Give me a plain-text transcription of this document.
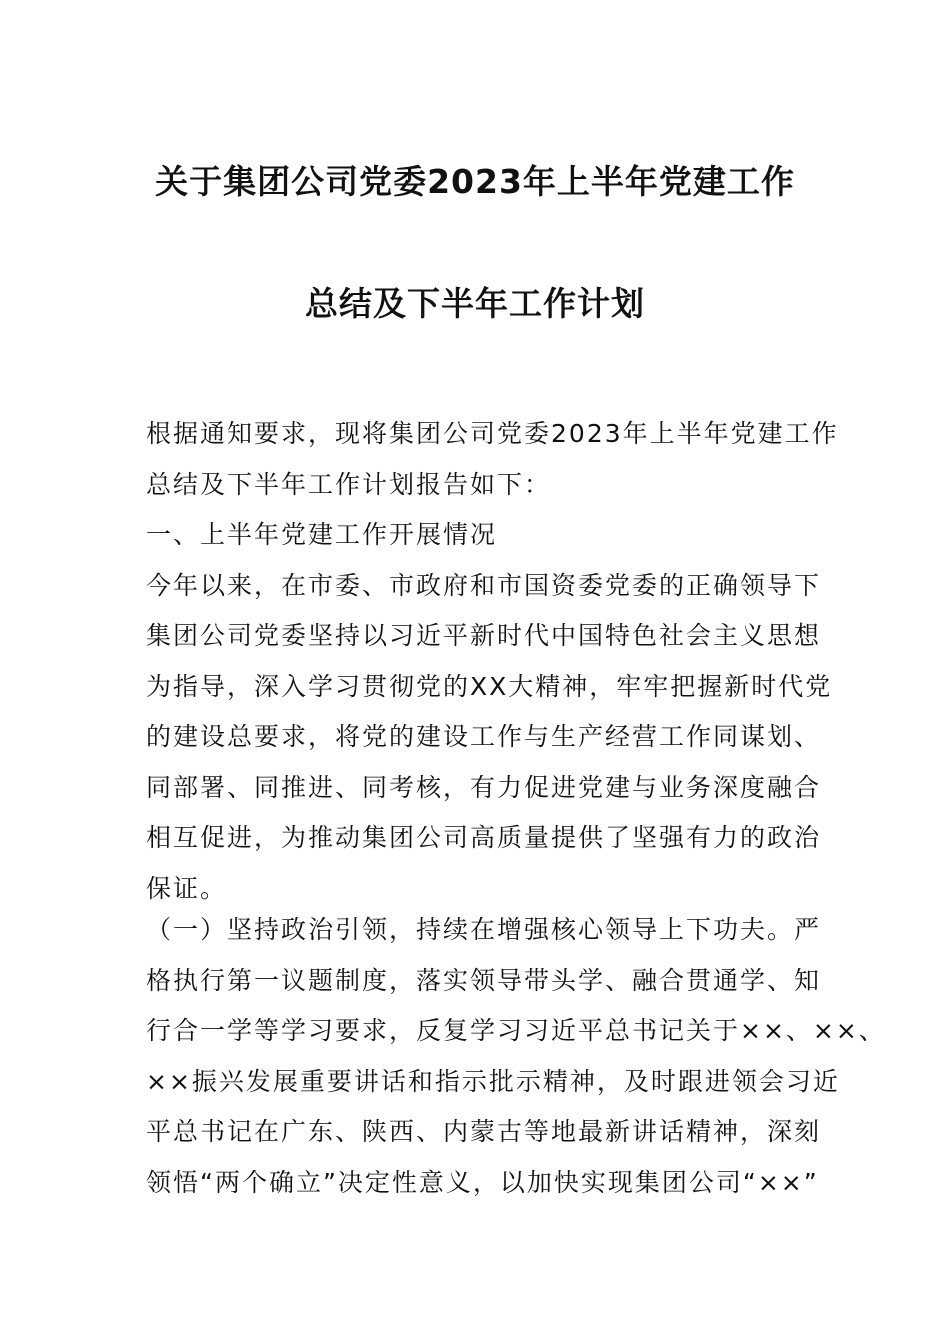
关于集团公司党委2023年上半年党建工作
总结及下半年工作计划
根据通知要求，现将集团公司党委2023年上半年党建工作
总结及下半年工作计划报告如下：
一、上半年党建工作开展情况
今年以来，在市委、市政府和市国资委党委的正确领导下
集团公司党委坚持以习近平新时代中国特色社会主义思想
为指导，深入学习贯彻党的XX大精神，牢牢把握新时代党
的建设总要求，将党的建设工作与生产经营工作同谋划、
同部署、同推进、同考核，有力促进党建与业务深度融合
相互促进，为推动集团公司高质量提供了坚强有力的政治
保证。
（一）坚持政治引领，持续在增强核心领导上下功夫。严
格执行第一议题制度，落实领导带头学、融合贯通学、知
行合一学等学习要求，反复学习习近平总书记关于××、××、
××振兴发展重要讲话和指示批示精神，及时跟进领会习近
平总书记在广东、陕西、内蒙古等地最新讲话精神，深刻
领悟“两个确立”决定性意义，以加快实现集团公司“××”
